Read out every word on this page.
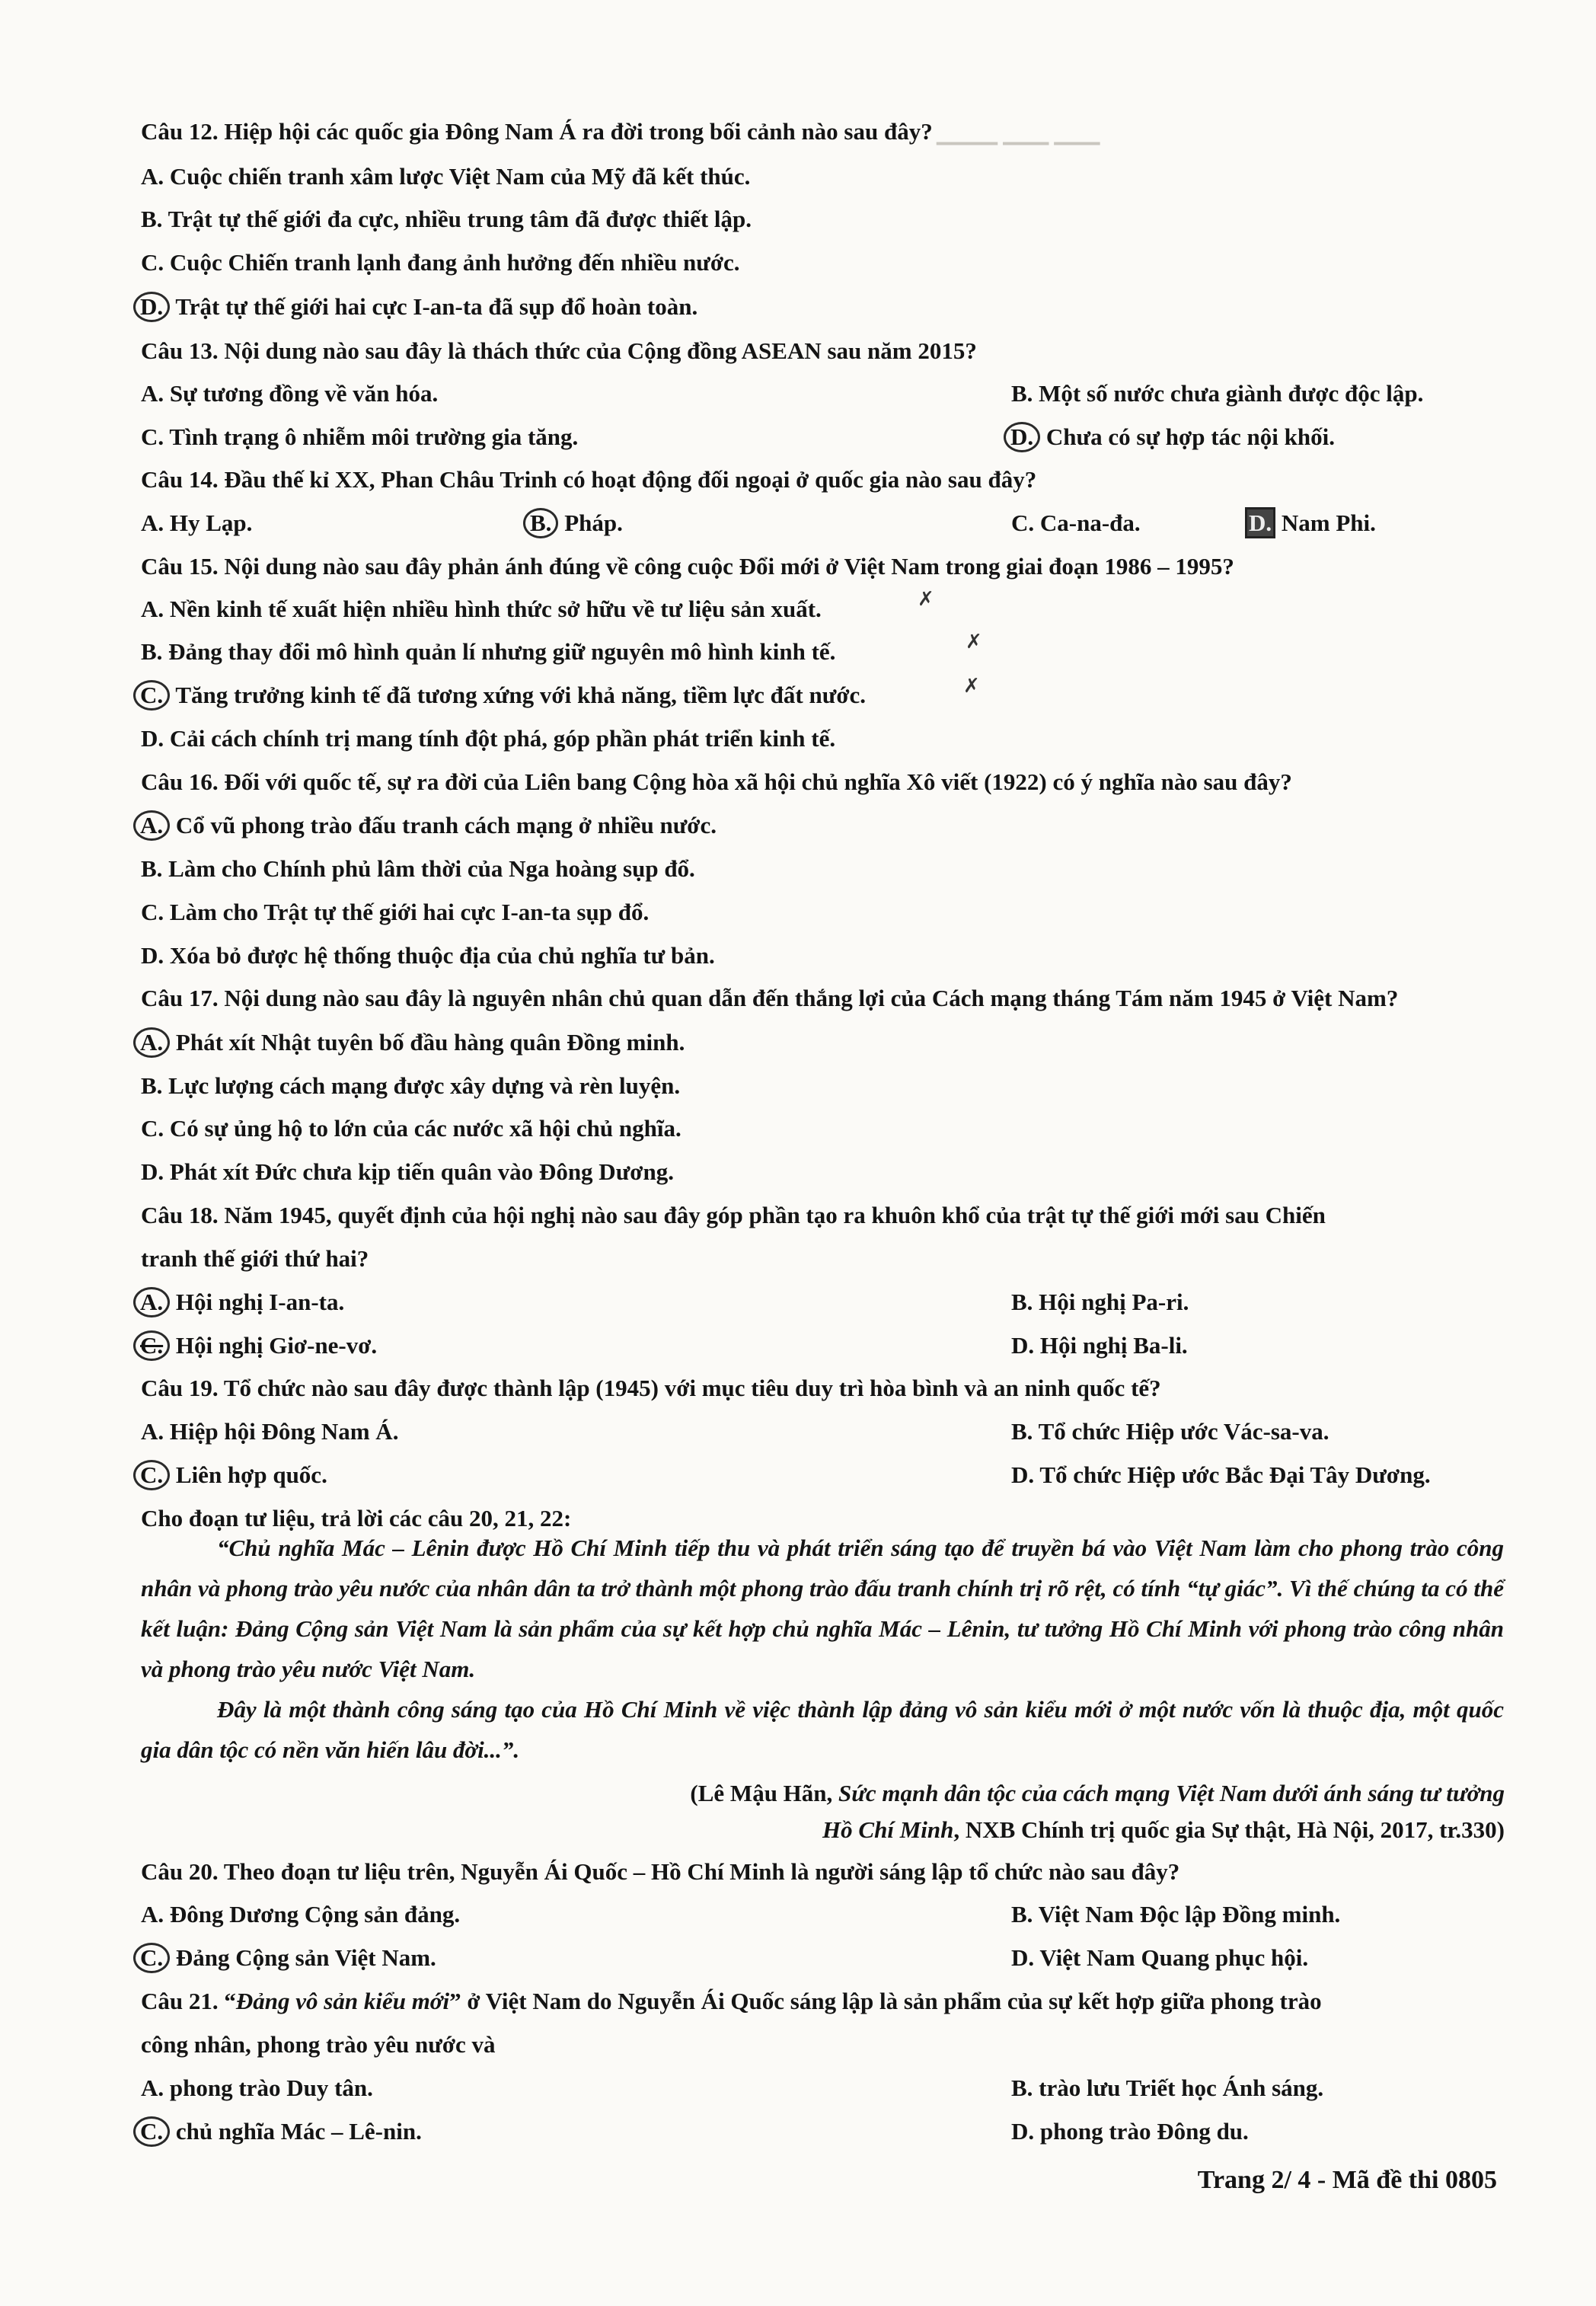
▁▁▁▁ ▁▁▁ ▁▁▁
Câu 12. Hiệp hội các quốc gia Đông Nam Á ra đời trong bối cảnh nào sau đây?
A. Cuộc chiến tranh xâm lược Việt Nam của Mỹ đã kết thúc.
B. Trật tự thế giới đa cực, nhiều trung tâm đã được thiết lập.
C. Cuộc Chiến tranh lạnh đang ảnh hưởng đến nhiều nước.
D. Trật tự thế giới hai cực I-an-ta đã sụp đổ hoàn toàn.
Câu 13. Nội dung nào sau đây là thách thức của Cộng đồng ASEAN sau năm 2015?
A. Sự tương đồng về văn hóa.	B. Một số nước chưa giành được độc lập.
C. Tình trạng ô nhiễm môi trường gia tăng.	D. Chưa có sự hợp tác nội khối.
Câu 14. Đầu thế kỉ XX, Phan Châu Trinh có hoạt động đối ngoại ở quốc gia nào sau đây?
A. Hy Lạp.	B. Pháp.	C. Ca-na-đa.	D. Nam Phi.
Câu 15. Nội dung nào sau đây phản ánh đúng về công cuộc Đổi mới ở Việt Nam trong giai đoạn 1986 – 1995?
A. Nền kinh tế xuất hiện nhiều hình thức sở hữu về tư liệu sản xuất.	✗
B. Đảng thay đổi mô hình quản lí nhưng giữ nguyên mô hình kinh tế.	✗
C. Tăng trưởng kinh tế đã tương xứng với khả năng, tiềm lực đất nước.	✗
D. Cải cách chính trị mang tính đột phá, góp phần phát triển kinh tế.
Câu 16. Đối với quốc tế, sự ra đời của Liên bang Cộng hòa xã hội chủ nghĩa Xô viết (1922) có ý nghĩa nào sau đây?
A. Cổ vũ phong trào đấu tranh cách mạng ở nhiều nước.
B. Làm cho Chính phủ lâm thời của Nga hoàng sụp đổ.
C. Làm cho Trật tự thế giới hai cực I-an-ta sụp đổ.
D. Xóa bỏ được hệ thống thuộc địa của chủ nghĩa tư bản.
Câu 17. Nội dung nào sau đây là nguyên nhân chủ quan dẫn đến thắng lợi của Cách mạng tháng Tám năm 1945 ở Việt Nam?
A. Phát xít Nhật tuyên bố đầu hàng quân Đồng minh.
B. Lực lượng cách mạng được xây dựng và rèn luyện.
C. Có sự ủng hộ to lớn của các nước xã hội chủ nghĩa.
D. Phát xít Đức chưa kịp tiến quân vào Đông Dương.
Câu 18. Năm 1945, quyết định của hội nghị nào sau đây góp phần tạo ra khuôn khổ của trật tự thế giới mới sau Chiến
tranh thế giới thứ hai?
A. Hội nghị I-an-ta.	B. Hội nghị Pa-ri.
C. Hội nghị Giơ-ne-vơ.	D. Hội nghị Ba-li.
Câu 19. Tổ chức nào sau đây được thành lập (1945) với mục tiêu duy trì hòa bình và an ninh quốc tế?
A. Hiệp hội Đông Nam Á.	B. Tổ chức Hiệp ước Vác-sa-va.
C. Liên hợp quốc.	D. Tổ chức Hiệp ước Bắc Đại Tây Dương.
Cho đoạn tư liệu, trả lời các câu 20, 21, 22:
“Chủ nghĩa Mác – Lênin được Hồ Chí Minh tiếp thu và phát triển sáng tạo để truyền bá vào Việt Nam làm cho phong trào công nhân và phong trào yêu nước của nhân dân ta trở thành một phong trào đấu tranh chính trị rõ rệt, có tính “tự giác”. Vì thế chúng ta có thể kết luận: Đảng Cộng sản Việt Nam là sản phẩm của sự kết hợp chủ nghĩa Mác – Lênin, tư tưởng Hồ Chí Minh với phong trào công nhân và phong trào yêu nước Việt Nam.
Đây là một thành công sáng tạo của Hồ Chí Minh về việc thành lập đảng vô sản kiểu mới ở một nước vốn là thuộc địa, một quốc gia dân tộc có nền văn hiến lâu đời...”.
(Lê Mậu Hãn, Sức mạnh dân tộc của cách mạng Việt Nam dưới ánh sáng tư tưởng
Hồ Chí Minh, NXB Chính trị quốc gia Sự thật, Hà Nội, 2017, tr.330)
Câu 20. Theo đoạn tư liệu trên, Nguyễn Ái Quốc – Hồ Chí Minh là người sáng lập tổ chức nào sau đây?
A. Đông Dương Cộng sản đảng.	B. Việt Nam Độc lập Đồng minh.
C. Đảng Cộng sản Việt Nam.	D. Việt Nam Quang phục hội.
Câu 21. “Đảng vô sản kiểu mới” ở Việt Nam do Nguyễn Ái Quốc sáng lập là sản phẩm của sự kết hợp giữa phong trào
công nhân, phong trào yêu nước và
A. phong trào Duy tân.	B. trào lưu Triết học Ánh sáng.
C. chủ nghĩa Mác – Lê-nin.	D. phong trào Đông du.
Trang 2/ 4 - Mã đề thi 0805
